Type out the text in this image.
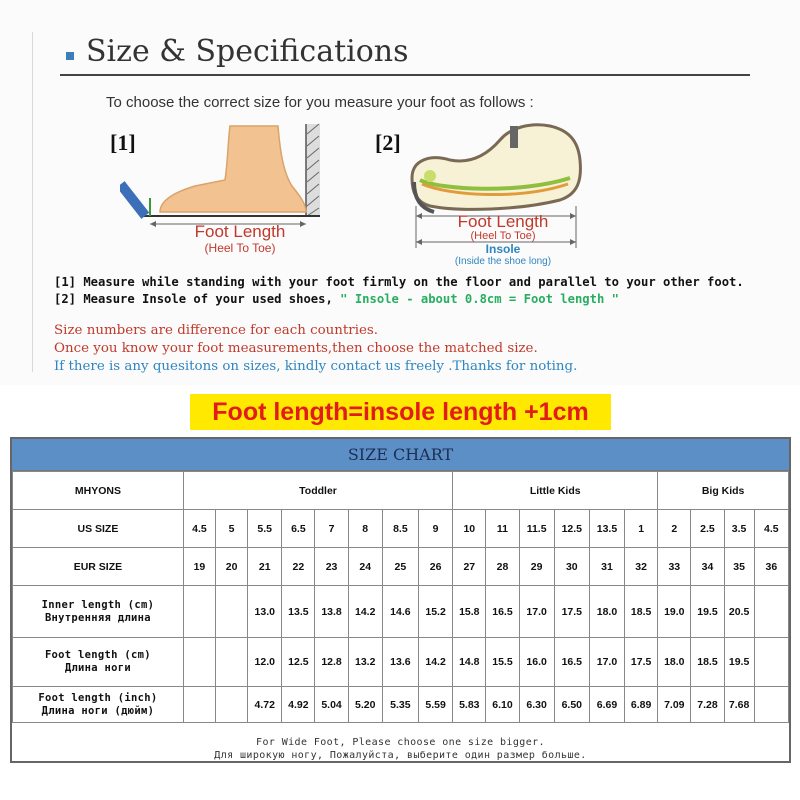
Size & Specifications
To choose the correct size for you measure your foot as follows :
[1]	[2]
Foot Length
(Heel To Toe)
Foot Length
(Heel To Toe)
Insole
(Inside the shoe long)
[1] Measure while standing with your foot firmly on the floor and parallel to your other foot.
[2] Measure Insole of your used shoes, " Insole - about 0.8cm = Foot length "
Size numbers are difference for each countries.
Once you know your foot measurements,then choose the matched size.
If there is any quesitons on sizes, kindly contact us freely .Thanks for noting.
Foot length=insole length +1cm
SIZE CHART
MHYONS	Toddler								Little Kids						Big Kids			
US SIZE	4.5	5	5.5	6.5	7	8	8.5	9	10	11	11.5	12.5	13.5	1	2	2.5	3.5	4.5
EUR SIZE	19	20	21	22	23	24	25	26	27	28	29	30	31	32	33	34	35	36

Inner length (cm)
Внутренняя длина			13.0	13.5	13.8	14.2	14.6	15.2	15.8	16.5	17.0	17.5	18.0	18.5	19.0	19.5	20.5	

Foot length (cm)
Длина ноги			12.0	12.5	12.8	13.2	13.6	14.2	14.8	15.5	16.0	16.5	17.0	17.5	18.0	18.5	19.5	

Foot length (inch)
Длина ноги (дюйм)			4.72	4.92	5.04	5.20	5.35	5.59	5.83	6.10	6.30	6.50	6.69	6.89	7.09	7.28	7.68	
For Wide Foot, Please choose one size bigger.
Для широкую ногу, Пожалуйста, выберите один размер больше.
